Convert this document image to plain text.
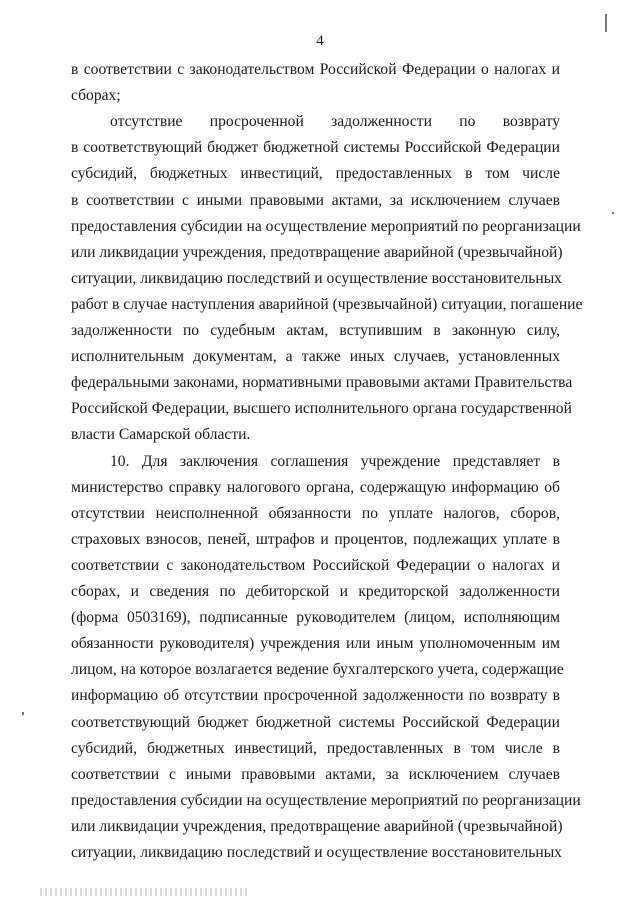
4
в соответствии с законодательством Российской Федерации о налогах и
сборах;
отсутствие просроченной задолженности по возврату
в соответствующий бюджет бюджетной системы Российской Федерации
субсидий, бюджетных инвестиций, предоставленных в том числе
в соответствии с иными правовыми актами, за исключением случаев
предоставления субсидии на осуществление мероприятий по реорганизации
или ликвидации учреждения, предотвращение аварийной (чрезвычайной)
ситуации, ликвидацию последствий и осуществление восстановительных
работ в случае наступления аварийной (чрезвычайной) ситуации, погашение
задолженности по судебным актам, вступившим в законную силу,
исполнительным документам, а также иных случаев, установленных
федеральными законами, нормативными правовыми актами Правительства
Российской Федерации, высшего исполнительного органа государственной
власти Самарской области.
10. Для заключения соглашения учреждение представляет в
министерство справку налогового органа, содержащую информацию об
отсутствии неисполненной обязанности по уплате налогов, сборов,
страховых взносов, пеней, штрафов и процентов, подлежащих уплате в
соответствии с законодательством Российской Федерации о налогах и
сборах, и сведения по дебиторской и кредиторской задолженности
(форма 0503169), подписанные руководителем (лицом, исполняющим
обязанности руководителя) учреждения или иным уполномоченным им
лицом, на которое возлагается ведение бухгалтерского учета, содержащие
информацию об отсутствии просроченной задолженности по возврату в
соответствующий бюджет бюджетной системы Российской Федерации
субсидий, бюджетных инвестиций, предоставленных в том числе в
соответствии с иными правовыми актами, за исключением случаев
предоставления субсидии на осуществление мероприятий по реорганизации
или ликвидации учреждения, предотвращение аварийной (чрезвычайной)
ситуации, ликвидацию последствий и осуществление восстановительных
